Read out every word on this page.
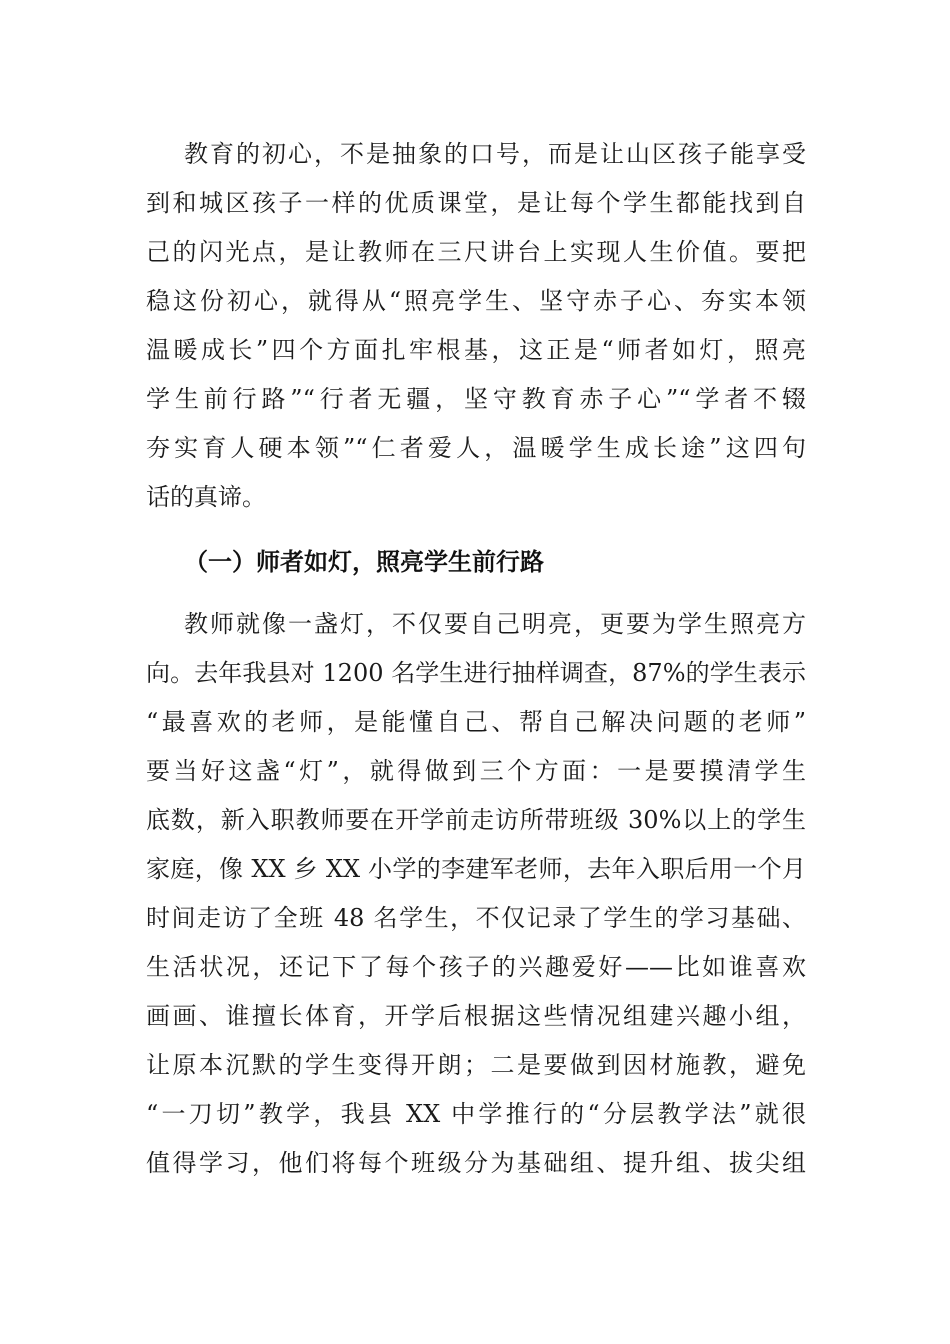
教育的初心，不是抽象的口号，而是让山区孩子能享受
到和城区孩子一样的优质课堂，是让每个学生都能找到自
己的闪光点，是让教师在三尺讲台上实现人生价值。要把
稳这份初心，就得从“照亮学生、坚守赤子心、夯实本领
温暖成长”四个方面扎牢根基，这正是“师者如灯，照亮
学生前行路”“行者无疆，坚守教育赤子心”“学者不辍
夯实育人硬本领”“仁者爱人，温暖学生成长途”这四句
话的真谛。
（一）师者如灯，照亮学生前行路
教师就像一盏灯，不仅要自己明亮，更要为学生照亮方
向。去年我县对 1200 名学生进行抽样调查，87%的学生表示
“最喜欢的老师，是能懂自己、帮自己解决问题的老师”
要当好这盏“灯”，就得做到三个方面：一是要摸清学生
底数，新入职教师要在开学前走访所带班级 30%以上的学生
家庭，像 XX 乡 XX 小学的李建军老师，去年入职后用一个月
时间走访了全班 48 名学生，不仅记录了学生的学习基础、
生活状况，还记下了每个孩子的兴趣爱好——比如谁喜欢
画画、谁擅长体育，开学后根据这些情况组建兴趣小组，
让原本沉默的学生变得开朗；二是要做到因材施教，避免
“一刀切”教学，我县 XX 中学推行的“分层教学法”就很
值得学习，他们将每个班级分为基础组、提升组、拔尖组
